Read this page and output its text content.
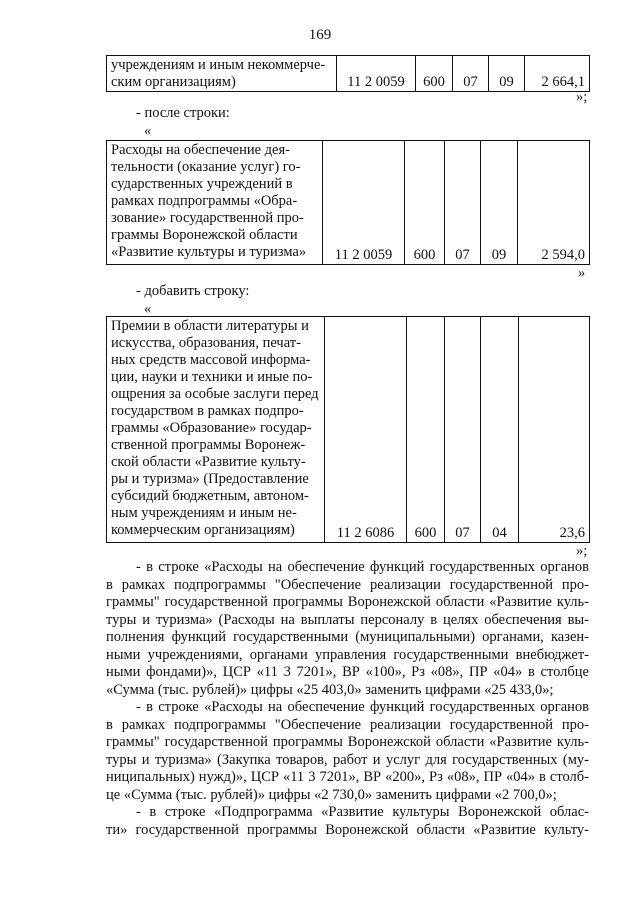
169
учреждениям и иным некоммерче-
ским организациям)	11 2 0059	600	07	09	2 664,1
»;
- после строки:
«
Расходы на обеспечение дея-
тельности (оказание услуг) го-
сударственных учреждений в
рамках подпрограммы «Обра-
зование» государственной про-
граммы Воронежской области
«Развитие культуры и туризма»	11 2 0059	600	07	09	2 594,0
»
- добавить строку:
«
Премии в области литературы и
искусства, образования, печат-
ных средств массовой информа-
ции, науки и техники и иные по-
ощрения за особые заслуги перед
государством в рамках подпро-
граммы «Образование» государ-
ственной программы Воронеж-
ской области «Развитие культу-
ры и туризма» (Предоставление
субсидий бюджетным, автоном-
ным учреждениям и иным не-
коммерческим организациям)	11 2 6086	600	07	04	23,6
»;
- в строке «Расходы на обеспечение функций государственных органов
в рамках подпрограммы "Обеспечение реализации государственной про-
граммы" государственной программы Воронежской области «Развитие куль-
туры и туризма» (Расходы на выплаты персоналу в целях обеспечения вы-
полнения функций государственными (муниципальными) органами, казен-
ными учреждениями, органами управления государственными внебюджет-
ными фондами)», ЦСР «11 3 7201», ВР «100», Рз «08», ПР «04» в столбце
«Сумма (тыс. рублей)» цифры «25 403,0» заменить цифрами «25 433,0»;
- в строке «Расходы на обеспечение функций государственных органов
в рамках подпрограммы "Обеспечение реализации государственной про-
граммы" государственной программы Воронежской области «Развитие куль-
туры и туризма» (Закупка товаров, работ и услуг для государственных (му-
ниципальных) нужд)», ЦСР «11 3 7201», ВР «200», Рз «08», ПР «04» в столб-
це «Сумма (тыс. рублей)» цифры «2 730,0» заменить цифрами «2 700,0»;
- в строке «Подпрограмма «Развитие культуры Воронежской облас-
ти» государственной программы Воронежской области «Развитие культу-
